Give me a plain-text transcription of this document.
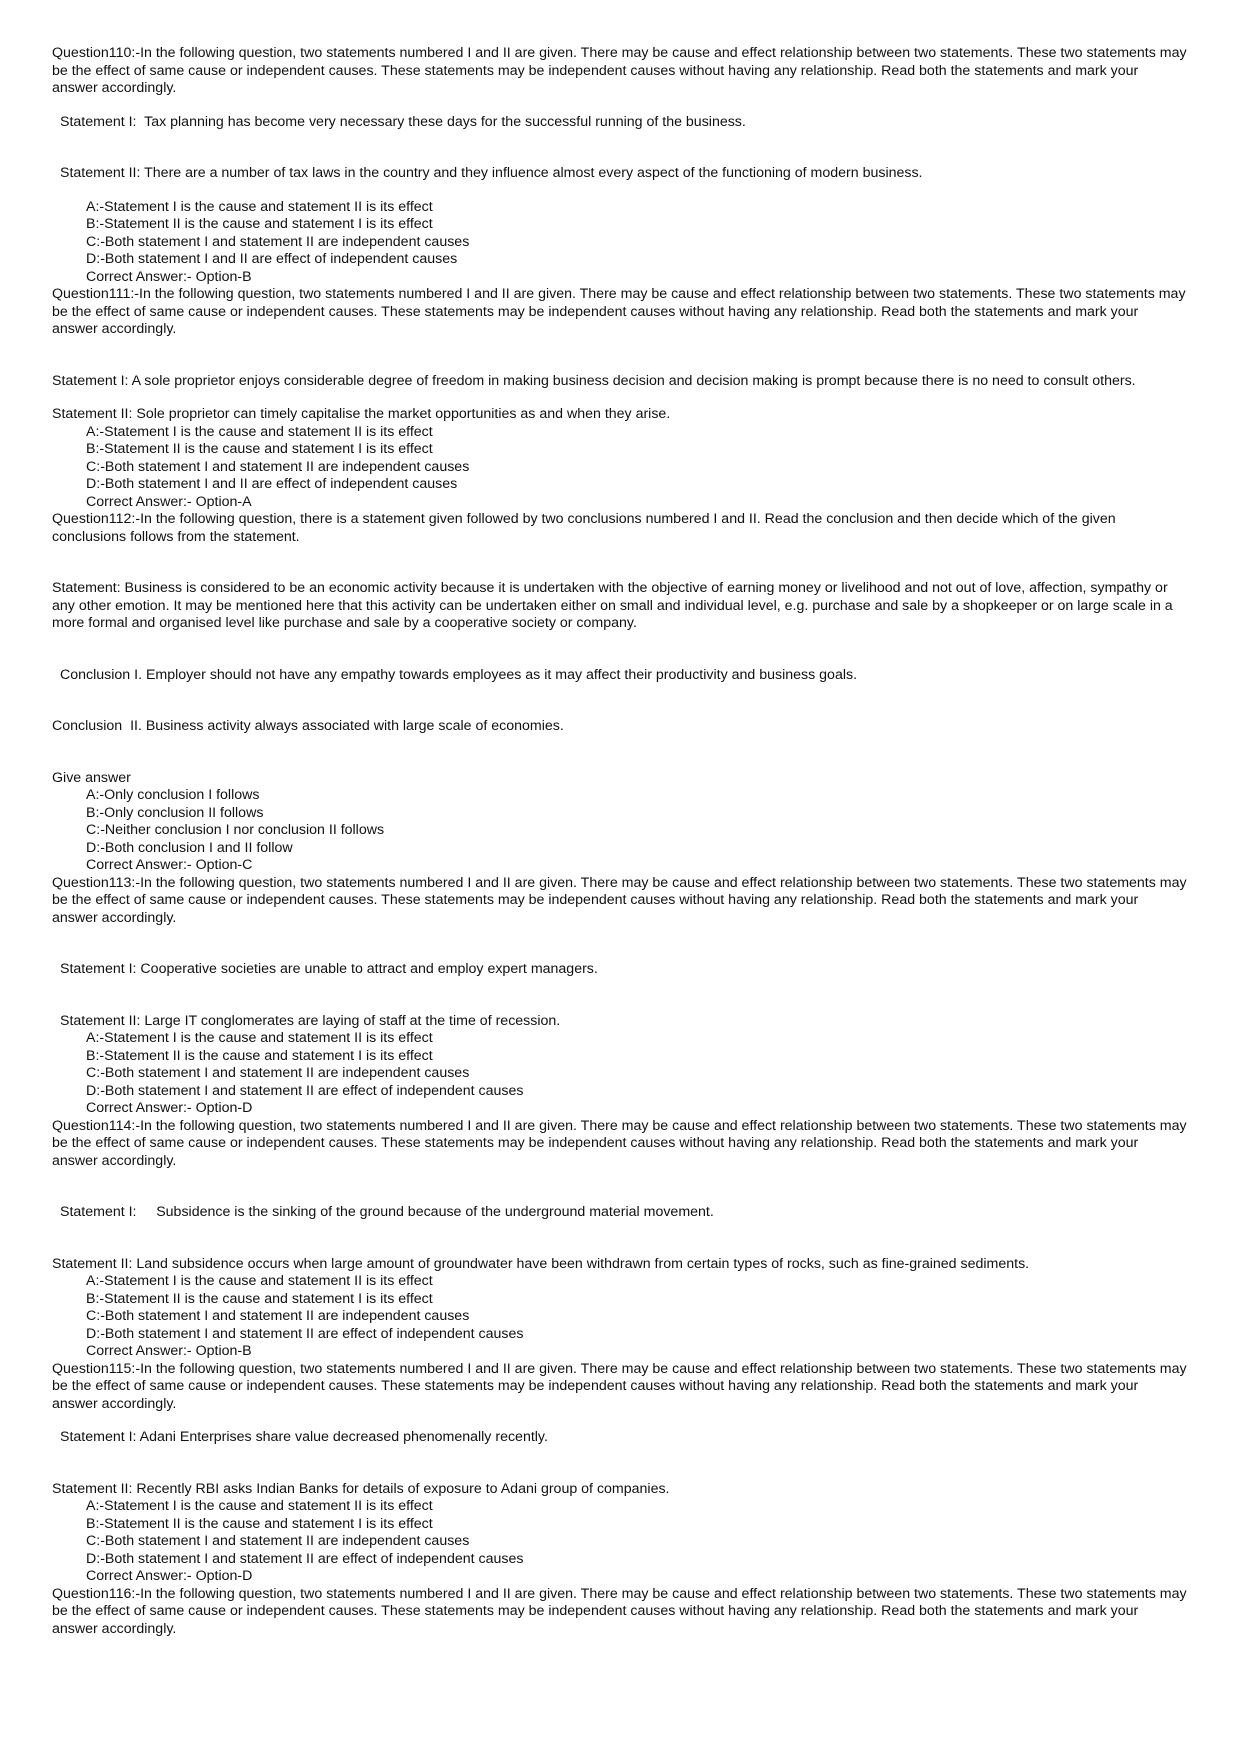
Question110:-In the following question, two statements numbered I and II are given. There may be cause and effect relationship between two statements. These two statements may be the effect of same cause or independent causes. These statements may be independent causes without having any relationship. Read both the statements and mark your answer accordingly.

Statement I:  Tax planning has become very necessary these days for the successful running of the business.

Statement II: There are a number of tax laws in the country and they influence almost every aspect of the functioning of modern business.

A:-Statement I is the cause and statement II is its effect

B:-Statement II is the cause and statement I is its effect

C:-Both statement I and statement II are independent causes

D:-Both statement I and II are effect of independent causes

Correct Answer:- Option-B

Question111:-In the following question, two statements numbered I and II are given. There may be cause and effect relationship between two statements. These two statements may be the effect of same cause or independent causes. These statements may be independent causes without having any relationship. Read both the statements and mark your answer accordingly.

Statement I: A sole proprietor enjoys considerable degree of freedom in making business decision and decision making is prompt because there is no need to consult others.

Statement II: Sole proprietor can timely capitalise the market opportunities as and when they arise.

A:-Statement I is the cause and statement II is its effect

B:-Statement II is the cause and statement I is its effect

C:-Both statement I and statement II are independent causes

D:-Both statement I and II are effect of independent causes

Correct Answer:- Option-A

Question112:-In the following question, there is a statement given followed by two conclusions numbered I and II. Read the conclusion and then decide which of the given conclusions follows from the statement.

Statement: Business is considered to be an economic activity because it is undertaken with the objective of earning money or livelihood and not out of love, affection, sympathy or any other emotion. It may be mentioned here that this activity can be undertaken either on small and individual level, e.g. purchase and sale by a shopkeeper or on large scale in a more formal and organised level like purchase and sale by a cooperative society or company.

Conclusion I. Employer should not have any empathy towards employees as it may affect their productivity and business goals.

Conclusion  II. Business activity always associated with large scale of economies.

Give answer

A:-Only conclusion I follows

B:-Only conclusion II follows

C:-Neither conclusion I nor conclusion II follows

D:-Both conclusion I and II follow

Correct Answer:- Option-C

Question113:-In the following question, two statements numbered I and II are given. There may be cause and effect relationship between two statements. These two statements may be the effect of same cause or independent causes. These statements may be independent causes without having any relationship. Read both the statements and mark your answer accordingly.

Statement I: Cooperative societies are unable to attract and employ expert managers.

Statement II: Large IT conglomerates are laying of staff at the time of recession.

A:-Statement I is the cause and statement II is its effect

B:-Statement II is the cause and statement I is its effect

C:-Both statement I and statement II are independent causes

D:-Both statement I and statement II are effect of independent causes

Correct Answer:- Option-D

Question114:-In the following question, two statements numbered I and II are given. There may be cause and effect relationship between two statements. These two statements may be the effect of same cause or independent causes. These statements may be independent causes without having any relationship. Read both the statements and mark your answer accordingly.

Statement I:     Subsidence is the sinking of the ground because of the underground material movement.

Statement II: Land subsidence occurs when large amount of groundwater have been withdrawn from certain types of rocks, such as fine-grained sediments.

A:-Statement I is the cause and statement II is its effect

B:-Statement II is the cause and statement I is its effect

C:-Both statement I and statement II are independent causes

D:-Both statement I and statement II are effect of independent causes

Correct Answer:- Option-B

Question115:-In the following question, two statements numbered I and II are given. There may be cause and effect relationship between two statements. These two statements may be the effect of same cause or independent causes. These statements may be independent causes without having any relationship. Read both the statements and mark your answer accordingly.

Statement I: Adani Enterprises share value decreased phenomenally recently.

Statement II: Recently RBI asks Indian Banks for details of exposure to Adani group of companies.

A:-Statement I is the cause and statement II is its effect

B:-Statement II is the cause and statement I is its effect

C:-Both statement I and statement II are independent causes

D:-Both statement I and statement II are effect of independent causes

Correct Answer:- Option-D

Question116:-In the following question, two statements numbered I and II are given. There may be cause and effect relationship between two statements. These two statements may be the effect of same cause or independent causes. These statements may be independent causes without having any relationship. Read both the statements and mark your answer accordingly.
